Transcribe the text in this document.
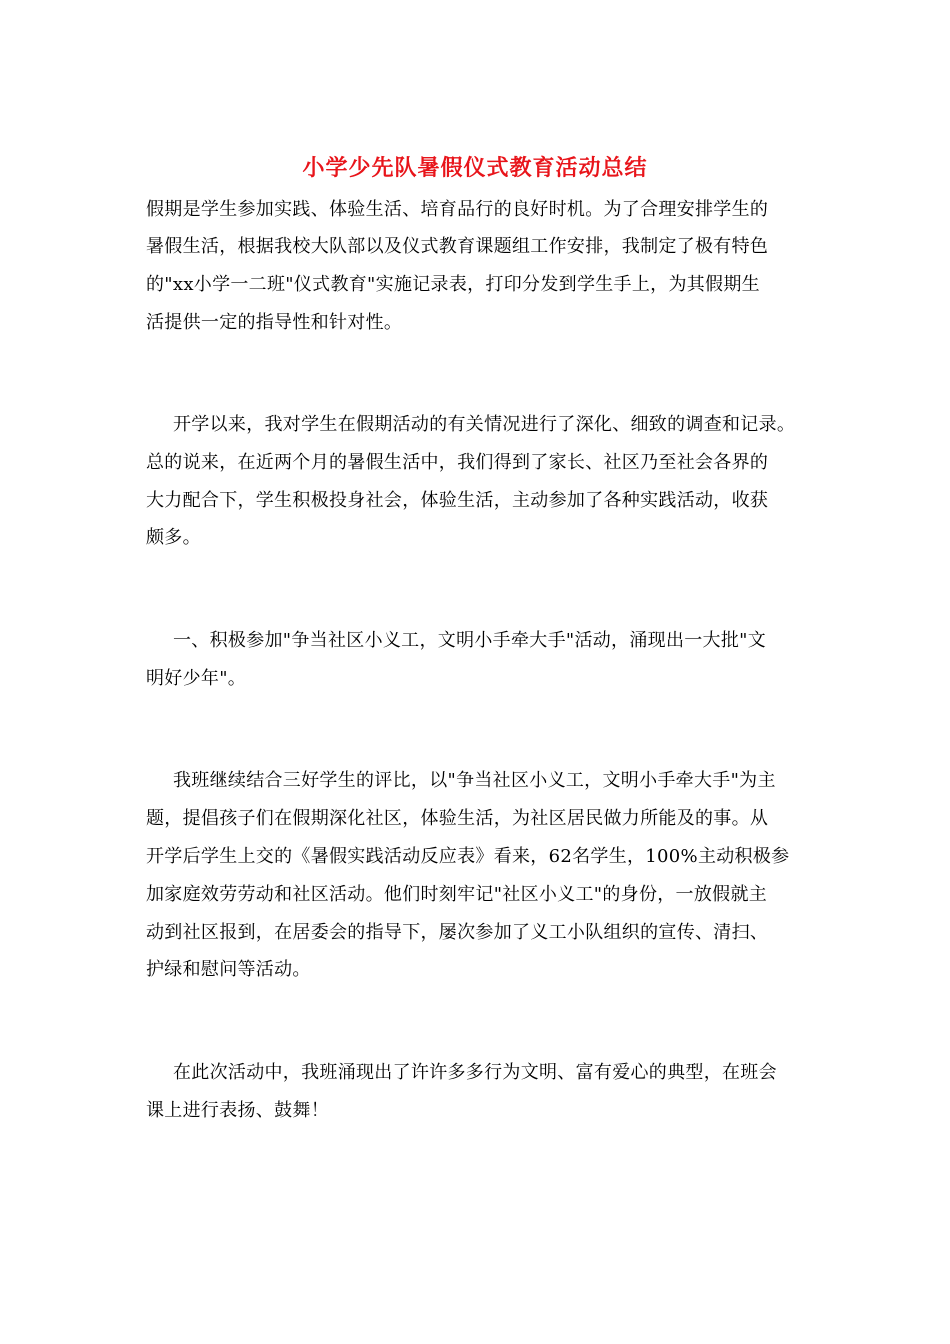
小学少先队暑假仪式教育活动总结
假期是学生参加实践、体验生活、培育品行的良好时机。为了合理安排学生的
暑假生活，根据我校大队部以及仪式教育课题组工作安排，我制定了极有特色
的"xx小学一二班"仪式教育"实施记录表，打印分发到学生手上，为其假期生
活提供一定的指导性和针对性。
开学以来，我对学生在假期活动的有关情况进行了深化、细致的调查和记录。
总的说来，在近两个月的暑假生活中，我们得到了家长、社区乃至社会各界的
大力配合下，学生积极投身社会，体验生活，主动参加了各种实践活动，收获
颇多。
一、积极参加"争当社区小义工，文明小手牵大手"活动，涌现出一大批"文
明好少年"。
我班继续结合三好学生的评比，以"争当社区小义工，文明小手牵大手"为主
题，提倡孩子们在假期深化社区，体验生活，为社区居民做力所能及的事。从
开学后学生上交的《暑假实践活动反应表》看来，62名学生，100%主动积极参
加家庭效劳劳动和社区活动。他们时刻牢记"社区小义工"的身份，一放假就主
动到社区报到，在居委会的指导下，屡次参加了义工小队组织的宣传、清扫、
护绿和慰问等活动。
在此次活动中，我班涌现出了许许多多行为文明、富有爱心的典型，在班会
课上进行表扬、鼓舞！
